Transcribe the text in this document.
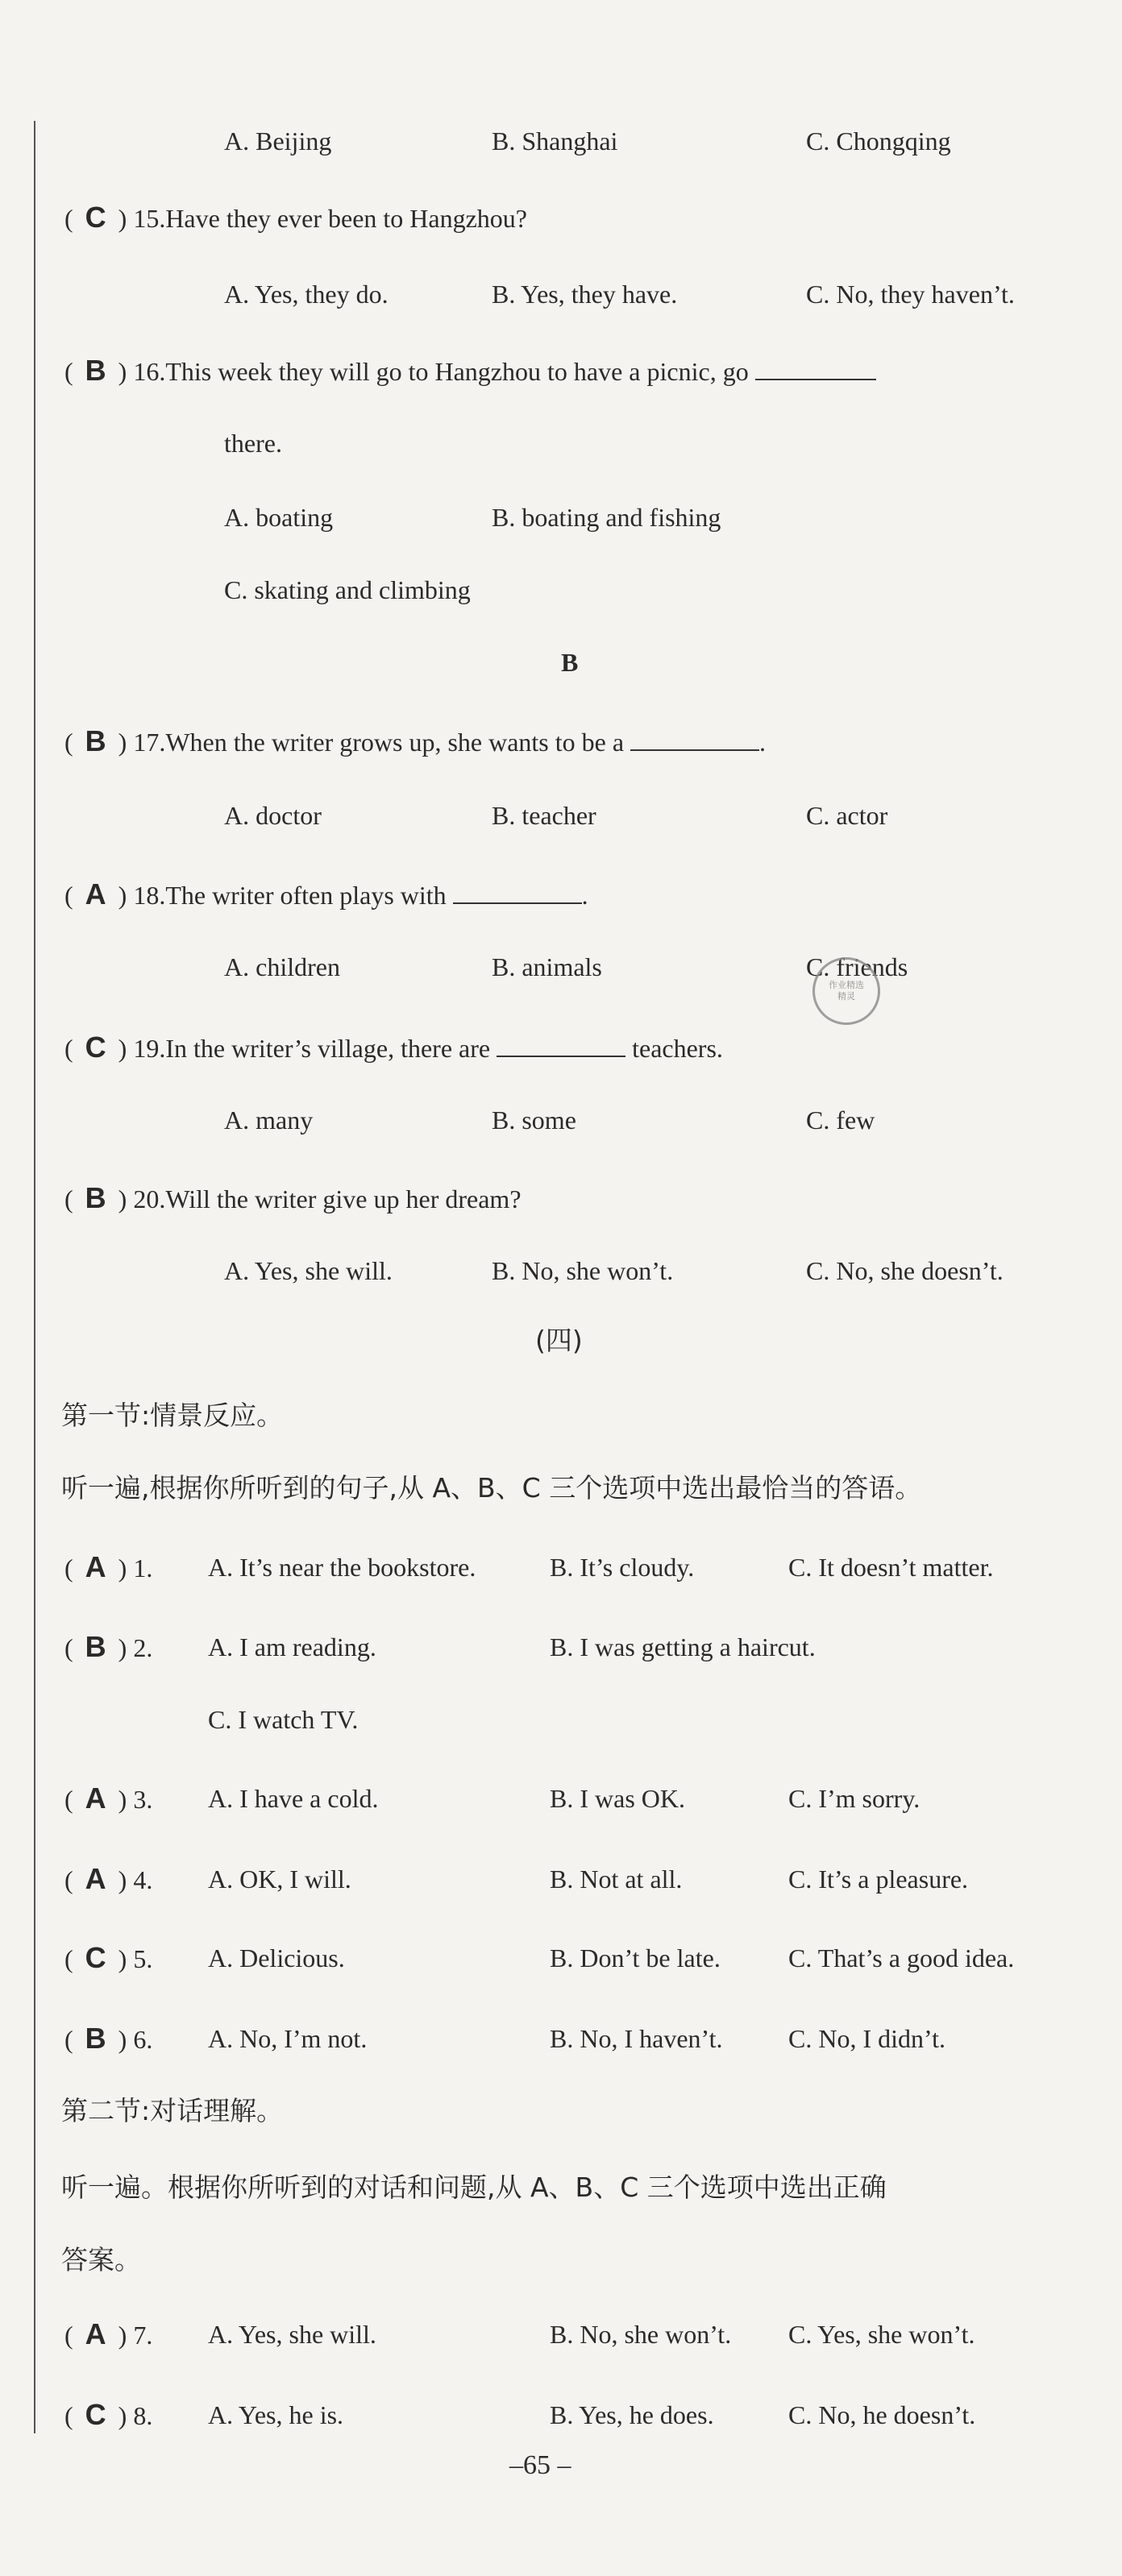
A. Beijing	B. Shanghai	C. Chongqing
( C ) 15.Have they ever been to Hangzhou?
A. Yes, they do.	B. Yes, they have.	C. No, they haven’t.
( B ) 16.This week they will go to Hangzhou to have a picnic, go
there.
A. boating	B. boating and fishing
C. skating and climbing
B
( B ) 17.When the writer grows up, she wants to be a	.
A. doctor	B. teacher	C. actor
( A ) 18.The writer often plays with	.
A. children	B. animals	C. friends
作业精选
精灵
( C ) 19.In the writer’s village, there are	teachers.
A. many	B. some	C. few
( B ) 20.Will the writer give up her dream?
A. Yes, she will.	B. No, she won’t.	C. No, she doesn’t.
(四)
第一节:情景反应。
听一遍,根据你所听到的句子,从 A、B、C 三个选项中选出最恰当的答语。
( A ) 1. A. It’s near the bookstore.	B. It’s cloudy.	C. It doesn’t matter.
( B ) 2. A. I am reading.	B. I was getting a haircut.
C. I watch TV.
( A ) 3. A. I have a cold.	B. I was OK.	C. I’m sorry.
( A ) 4. A. OK, I will.	B. Not at all.	C. It’s a pleasure.
( C ) 5. A. Delicious.	B. Don’t be late.	C. That’s a good idea.
( B ) 6. A. No, I’m not.	B. No, I haven’t.	C. No, I didn’t.
第二节:对话理解。
听一遍。根据你所听到的对话和问题,从 A、B、C 三个选项中选出正确
答案。
( A ) 7. A. Yes, she will.	B. No, she won’t. C. Yes, she won’t.
( C ) 8. A. Yes, he is.	B. Yes, he does.	C. No, he doesn’t.
–65 –
